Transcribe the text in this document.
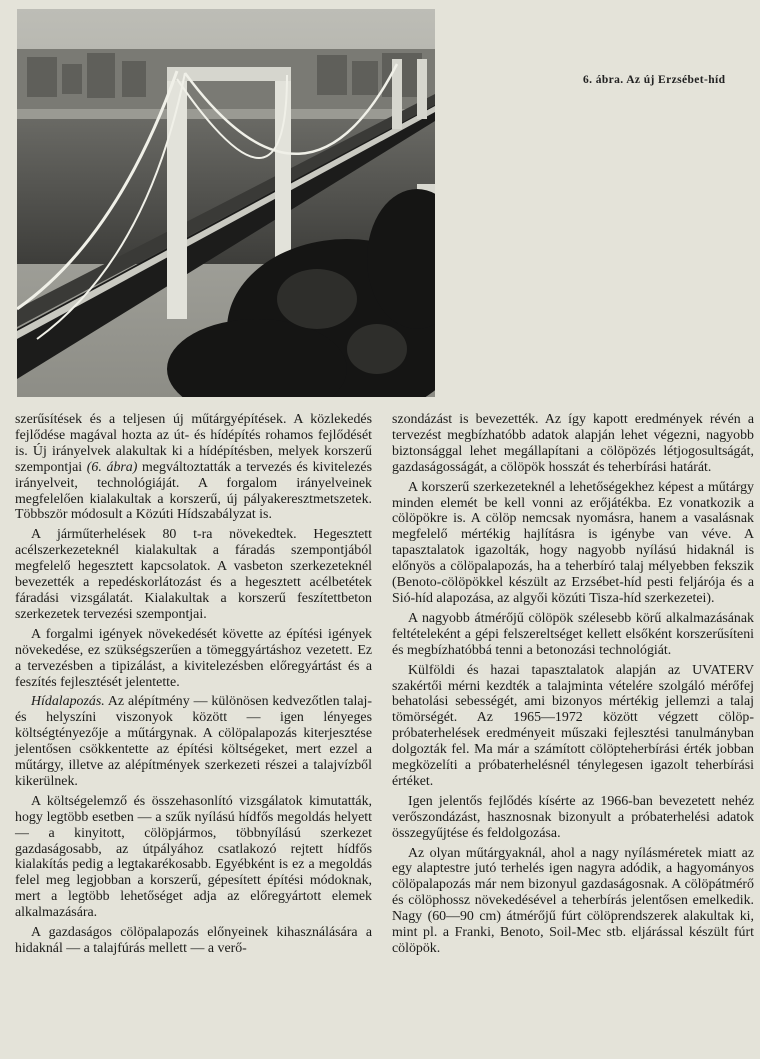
6. ábra. Az új Erzsébet-híd

szerűsítések és a teljesen új műtárgyépítések. A közlekedés fejlődése magával hozta az út- és hídépítés rohamos fejlődését is. Új irányelvek alakultak ki a hídépítésben, melyek korszerű szempontjai (6. ábra) megváltoztatták a tervezés és kivitelezés irányelveit, technológiáját. A forgalom irányelveinek megfelelően kialakultak a korszerű, új pályakeresztmetszetek. Többször módosult a Közúti Hídszabályzat is.

A járműterhelések 80 t-ra növekedtek. Hegesztett acélszerkezeteknél kialakultak a fáradás szempontjából megfelelő hegesztett kapcsolatok. A vasbeton szerkezeteknél bevezették a repedéskorlátozást és a hegesztett acélbetétek fáradási vizsgálatát. Kialakultak a korszerű feszítettbeton szerkezetek tervezési szempontjai.

A forgalmi igények növekedését követte az építési igények növekedése, ez szükségszerűen a tömeggyártáshoz vezetett. Ez a tervezésben a tipizálást, a kivitelezésben előregyártást és a feszítés fejlesztését jelentette.

Hídalapozás. Az alépítmény — különösen kedvezőtlen talaj- és helyszíni viszonyok között — igen lényeges költségtényezője a műtárgynak. A cölöpalapozás kiterjesztése jelentősen csökkentette az építési költségeket, mert ezzel a műtárgy, illetve az alépítmények szerkezeti részei a talajvízből kikerülnek.

A költségelemző és összehasonlító vizsgálatok kimutatták, hogy legtöbb esetben — a szűk nyílású hídfős megoldás helyett — a kinyitott, cölöpjármos, többnyílású szerkezet gazdaságosabb, az útpályához csatlakozó rejtett hídfős kialakítás pedig a legtakarékosabb. Egyébként is ez a megoldás felel meg legjobban a korszerű, gépesített építési módoknak, mert a legtöbb lehetőséget adja az előregyártott elemek alkalmazására.

A gazdaságos cölöpalapozás előnyeinek kihasználására a hidaknál — a talajfúrás mellett — a verő-

szondázást is bevezették. Az így kapott eredmények révén a tervezést megbízhatóbb adatok alapján lehet végezni, nagyobb biztonsággal lehet megállapítani a cölöpözés létjogosultságát, gazdaságosságát, a cölöpök hosszát és teherbírási határát.

A korszerű szerkezeteknél a lehetőségekhez képest a műtárgy minden elemét be kell vonni az erőjátékba. Ez vonatkozik a cölöpökre is. A cölöp nemcsak nyomásra, hanem a vasalásnak megfelelő mértékig hajlításra is igénybe van véve. A tapasztalatok igazolták, hogy nagyobb nyílású hidaknál is előnyös a cölöpalapozás, ha a teherbíró talaj mélyebben fekszik (Benoto-cölöpökkel készült az Erzsébet-híd pesti feljárója és a Sió-híd alapozása, az algyői közúti Tisza-híd szerkezetei).

A nagyobb átmérőjű cölöpök szélesebb körű alkalmazásának feltételeként a gépi felszereltséget kellett elsőként korszerűsíteni és megbízhatóbbá tenni a betonozási technológiát.

Külföldi és hazai tapasztalatok alapján az UVATERV szakértői mérni kezdték a talajminta vételére szolgáló mérőfej behatolási sebességét, ami bizonyos mértékig jellemzi a talaj tömörségét. Az 1965—1972 között végzett cölöp-próbaterhelések eredményeit műszaki fejlesztési tanulmányban dolgozták fel. Ma már a számított cölöpteherbírási érték jobban megközelíti a próbaterhelésnél ténylegesen igazolt teherbírási értéket.

Igen jelentős fejlődés kísérte az 1966-ban bevezetett nehéz verőszondázást, hasznosnak bizonyult a próbaterhelési adatok összegyűjtése és feldolgozása.

Az olyan műtárgyaknál, ahol a nagy nyílásméretek miatt az egy alaptestre jutó terhelés igen nagyra adódik, a hagyományos cölöpalapozás már nem bizonyul gazdaságosnak. A cölöpátmérő és cölöphossz növekedésével a teherbírás jelentősen emelkedik. Nagy (60—90 cm) átmérőjű fúrt cölöprendszerek alakultak ki, mint pl. a Franki, Benoto, Soil-Mec stb. eljárással készült fúrt cölöpök.
